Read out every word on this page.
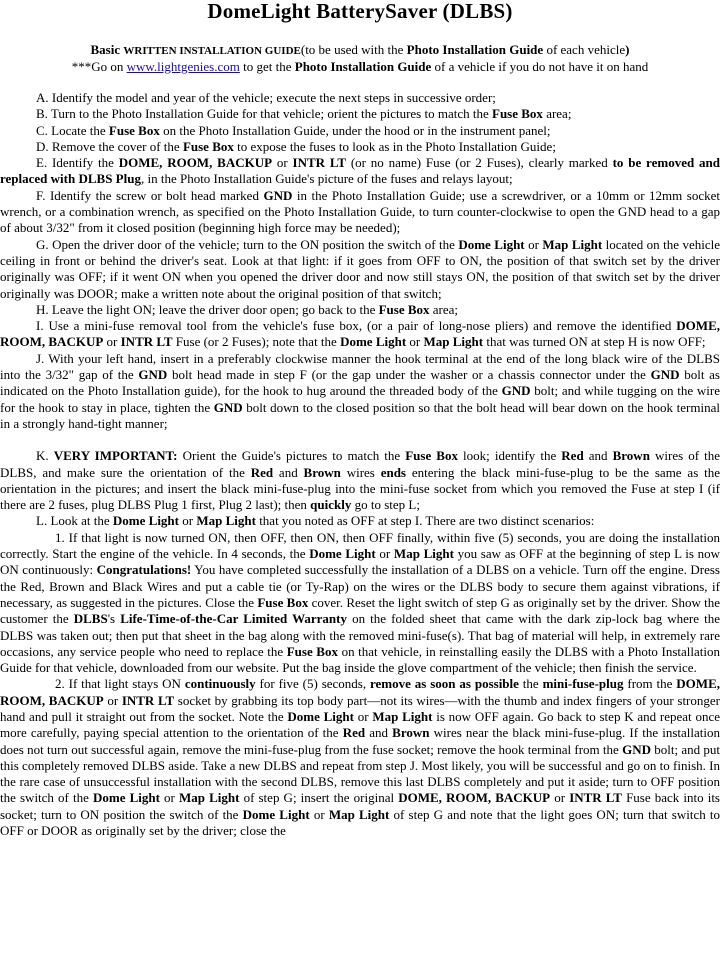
DomeLight BatterySaver (DLBS)

Basic WRITTEN INSTALLATION GUIDE(to be used with the Photo Installation Guide of each vehicle)

***Go on www.lightgenies.com to get the Photo Installation Guide of a vehicle if you do not have it on hand

A. Identify the model and year of the vehicle; execute the next steps in successive order;

B. Turn to the Photo Installation Guide for that vehicle; orient the pictures to match the Fuse Box area;

C. Locate the Fuse Box on the Photo Installation Guide, under the hood or in the instrument panel;

D. Remove the cover of the Fuse Box to expose the fuses to look as in the Photo Installation Guide;

E. Identify the DOME, ROOM, BACKUP or INTR LT (or no name) Fuse (or 2 Fuses), clearly marked to be removed and replaced with DLBS Plug, in the Photo Installation Guide's picture of the fuses and relays layout;

F. Identify the screw or bolt head marked GND in the Photo Installation Guide; use a screwdriver, or a 10mm or 12mm socket wrench, or a combination wrench, as specified on the Photo Installation Guide, to turn counter-clockwise to open the GND head to a gap of about 3/32" from it closed position (beginning high force may be needed);

G. Open the driver door of the vehicle; turn to the ON position the switch of the Dome Light or Map Light located on the vehicle ceiling in front or behind the driver's seat. Look at that light: if it goes from OFF to ON, the position of that switch set by the driver originally was OFF; if it went ON when you opened the driver door and now still stays ON, the position of that switch set by the driver originally was DOOR; make a written note about the original position of that switch;

H. Leave the light ON; leave the driver door open; go back to the Fuse Box area;

I. Use a mini-fuse removal tool from the vehicle's fuse box, (or a pair of long-nose pliers) and remove the identified DOME, ROOM, BACKUP or INTR LT Fuse (or 2 Fuses); note that the Dome Light or Map Light that was turned ON at step H is now OFF;

J. With your left hand, insert in a preferably clockwise manner the hook terminal at the end of the long black wire of the DLBS into the 3/32" gap of the GND bolt head made in step F (or the gap under the washer or a chassis connector under the GND bolt as indicated on the Photo Installation guide), for the hook to hug around the threaded body of the GND bolt; and while tugging on the wire for the hook to stay in place, tighten the GND bolt down to the closed position so that the bolt head will bear down on the hook terminal in a strongly hand-tight manner;

K. VERY IMPORTANT: Orient the Guide's pictures to match the Fuse Box look; identify the Red and Brown wires of the DLBS, and make sure the orientation of the Red and Brown wires ends entering the black mini-fuse-plug to be the same as the orientation in the pictures; and insert the black mini-fuse-plug into the mini-fuse socket from which you removed the Fuse at step I (if there are 2 fuses, plug DLBS Plug 1 first, Plug 2 last); then quickly go to step L;

L. Look at the Dome Light or Map Light that you noted as OFF at step I. There are two distinct scenarios:

1. If that light is now turned ON, then OFF, then ON, then OFF finally, within five (5) seconds, you are doing the installation correctly. Start the engine of the vehicle. In 4 seconds, the Dome Light or Map Light you saw as OFF at the beginning of step L is now ON continuously: Congratulations! You have completed successfully the installation of a DLBS on a vehicle. Turn off the engine. Dress the Red, Brown and Black Wires and put a cable tie (or Ty-Rap) on the wires or the DLBS body to secure them against vibrations, if necessary, as suggested in the pictures. Close the Fuse Box cover. Reset the light switch of step G as originally set by the driver. Show the customer the DLBS's Life-Time-of-the-Car Limited Warranty on the folded sheet that came with the dark zip-lock bag where the DLBS was taken out; then put that sheet in the bag along with the removed mini-fuse(s). That bag of material will help, in extremely rare occasions, any service people who need to replace the Fuse Box on that vehicle, in reinstalling easily the DLBS with a Photo Installation Guide for that vehicle, downloaded from our website. Put the bag inside the glove compartment of the vehicle; then finish the service.

2. If that light stays ON continuously for five (5) seconds, remove as soon as possible the mini-fuse-plug from the DOME, ROOM, BACKUP or INTR LT socket by grabbing its top body part—not its wires—with the thumb and index fingers of your stronger hand and pull it straight out from the socket. Note the Dome Light or Map Light is now OFF again. Go back to step K and repeat once more carefully, paying special attention to the orientation of the Red and Brown wires near the black mini-fuse-plug. If the installation does not turn out successful again, remove the mini-fuse-plug from the fuse socket; remove the hook terminal from the GND bolt; and put this completely removed DLBS aside. Take a new DLBS and repeat from step J. Most likely, you will be successful and go on to finish. In the rare case of unsuccessful installation with the second DLBS, remove this last DLBS completely and put it aside; turn to OFF position the switch of the Dome Light or Map Light of step G; insert the original DOME, ROOM, BACKUP or INTR LT Fuse back into its socket; turn to ON position the switch of the Dome Light or Map Light of step G and note that the light goes ON; turn that switch to OFF or DOOR as originally set by the driver; close the
